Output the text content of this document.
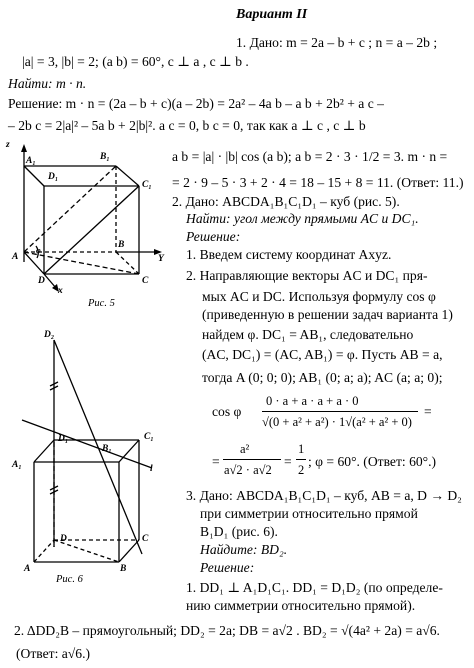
Вариант II
1. Дано: m = 2a – b + c ; n = a – 2b ;
|a| = 3, |b| = 2; (a b) = 60°, c ⊥ a , c ⊥ b .
Найти: m · n.
Решение: m · n = (2a – b + c)(a – 2b) = 2a² – 4a b – a b + 2b² + a c –
– 2b c = 2|a|² – 5a b + 2|b|². a c = 0, b c = 0, так как a ⊥ c , c ⊥ b
a b = |a| · |b| cos (a b); a b = 2 · 3 · 1/2 = 3. m · n =
= 2 · 9 – 5 · 3 + 2 · 4 = 18 – 15 + 8 = 11. (Ответ: 11.)
2. Дано: ABCDA₁B₁C₁D₁ – куб (рис. 5).
Найти: угол между прямыми AC и DC₁.
Решение:
1. Введем систему координат Axyz.
2. Направляющие векторы AC и DC₁ пря-
мых AC и DC. Используя формулу cos φ
(приведенную в решении задач варианта 1)
найдем φ. DC₁ = AB₁, следовательно
(AC, DC₁) = (AC, AB₁) = φ. Пусть AB = a,
тогда A (0; 0; 0); AB₁ (0; a; a); AC (a; a; 0);
cos φ
0 · a + a · a + a · 0
√(0 + a² + a²) · 1√(a² + a² + 0)
=
=
a²
a√2 · a√2
=
1
2
; φ = 60°. (Ответ: 60°.)
3. Дано: ABCDA₁B₁C₁D₁ – куб, AB = a, D → D₂
при симметрии относительно прямой
B₁D₁ (рис. 6).
Найдите: BD₂.
Решение:
1. DD₁ ⊥ A₁D₁C₁. DD₁ = D₁D₂ (по определе-
нию симметрии относительно прямой).
2. ΔDD₂B – прямоугольный; DD₂ = 2a; DB = a√2 . BD₂ = √(4a² + 2a) = a√6.
(Ответ: a√6.)
z
A₁	B₁
D₁
C₁
A
B
D	C
Y
x
φ
Рис. 5
D₂
D₁
A₁
B₁
C₁
l
A	B
D	C
Рис. 6
